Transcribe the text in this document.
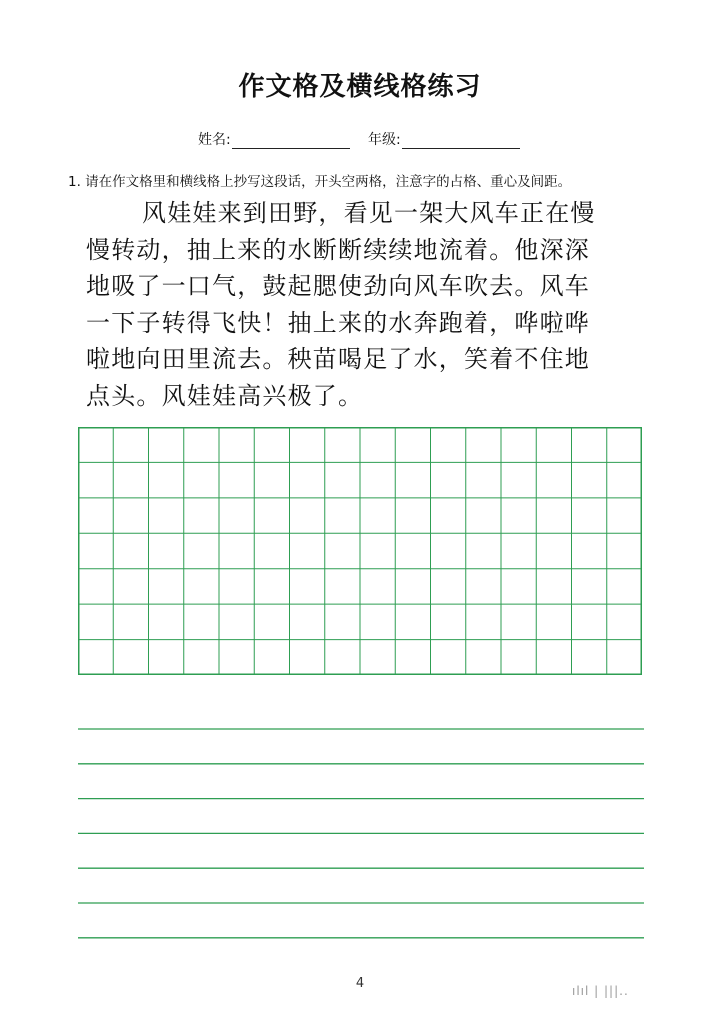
作文格及横线格练习
姓名:	年级:
1. 请在作文格里和横线格上抄写这段话，开头空两格，注意字的占格、重心及间距。
风娃娃来到田野，看见一架大风车正在慢
慢转动，抽上来的水断断续续地流着。他深深
地吸了一口气，鼓起腮使劲向风车吹去。风车
一下子转得飞快！抽上来的水奔跑着，哗啦哗
啦地向田里流去。秧苗喝足了水，笑着不住地
点头。风娃娃高兴极了。
4	ılıl | |||..
